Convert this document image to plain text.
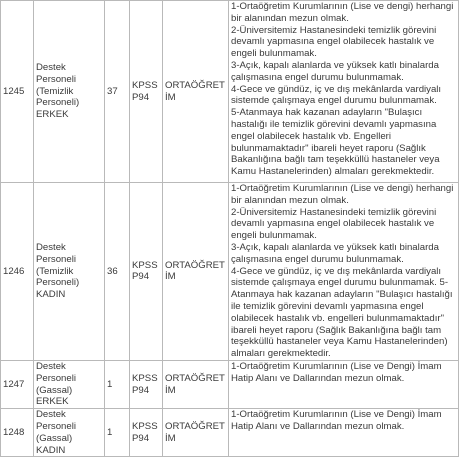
1245	Destek Personeli (Temizlik Personeli) ERKEK	37	KPSS P94	ORTAÖĞRETİM	1-Ortaöğretim Kurumlarının (Lise ve dengi) herhangi bir alanından mezun olmak.
2-Üniversitemiz Hastanesindeki temizlik görevini devamlı yapmasına engel olabilecek hastalık ve engeli bulunmamak.
3-Açık, kapalı alanlarda ve yüksek katlı binalarda çalışmasına engel durumu bulunmamak.
4-Gece ve gündüz, iç ve dış mekânlarda vardiyalı sistemde çalışmaya engel durumu bulunmamak.
5-Atanmaya hak kazanan adayların "Bulaşıcı hastalığı ile temizlik görevini devamlı yapmasına engel olabilecek hastalık vb. Engelleri bulunmamaktadır" ibareli heyet raporu (Sağlık Bakanlığına bağlı tam teşekküllü hastaneler veya Kamu Hastanelerinden) almaları gerekmektedir.

1246	Destek Personeli (Temizlik Personeli) KADIN	36	KPSS P94	ORTAÖĞRETİM	1-Ortaöğretim Kurumlarının (Lise ve dengi) herhangi bir alanından mezun olmak.
2-Üniversitemiz Hastanesindeki temizlik görevini devamlı yapmasına engel olabilecek hastalık ve engeli bulunmamak.
3-Açık, kapalı alanlarda ve yüksek katlı binalarda çalışmasına engel durumu bulunmamak.
4-Gece ve gündüz, iç ve dış mekânlarda vardiyalı sistemde çalışmaya engel durumu bulunmamak. 5-Atanmaya hak kazanan adayların "Bulaşıcı hastalığı ile temizlik görevini devamlı yapmasına engel olabilecek hastalık vb. engelleri bulunmamaktadır" ibareli heyet raporu (Sağlık Bakanlığına bağlı tam teşekküllü hastaneler veya Kamu Hastanelerinden) almaları gerekmektedir.

1247	Destek Personeli (Gassal) ERKEK	1	KPSS P94	ORTAÖĞRETİM	1-Ortaöğretim Kurumlarının (Lise ve Dengi) İmam Hatip Alanı ve Dallarından mezun olmak.

1248	Destek Personeli (Gassal) KADIN	1	KPSS P94	ORTAÖĞRETİM	1-Ortaöğretim Kurumlarının (Lise ve Dengi) İmam Hatip Alanı ve Dallarından mezun olmak.
